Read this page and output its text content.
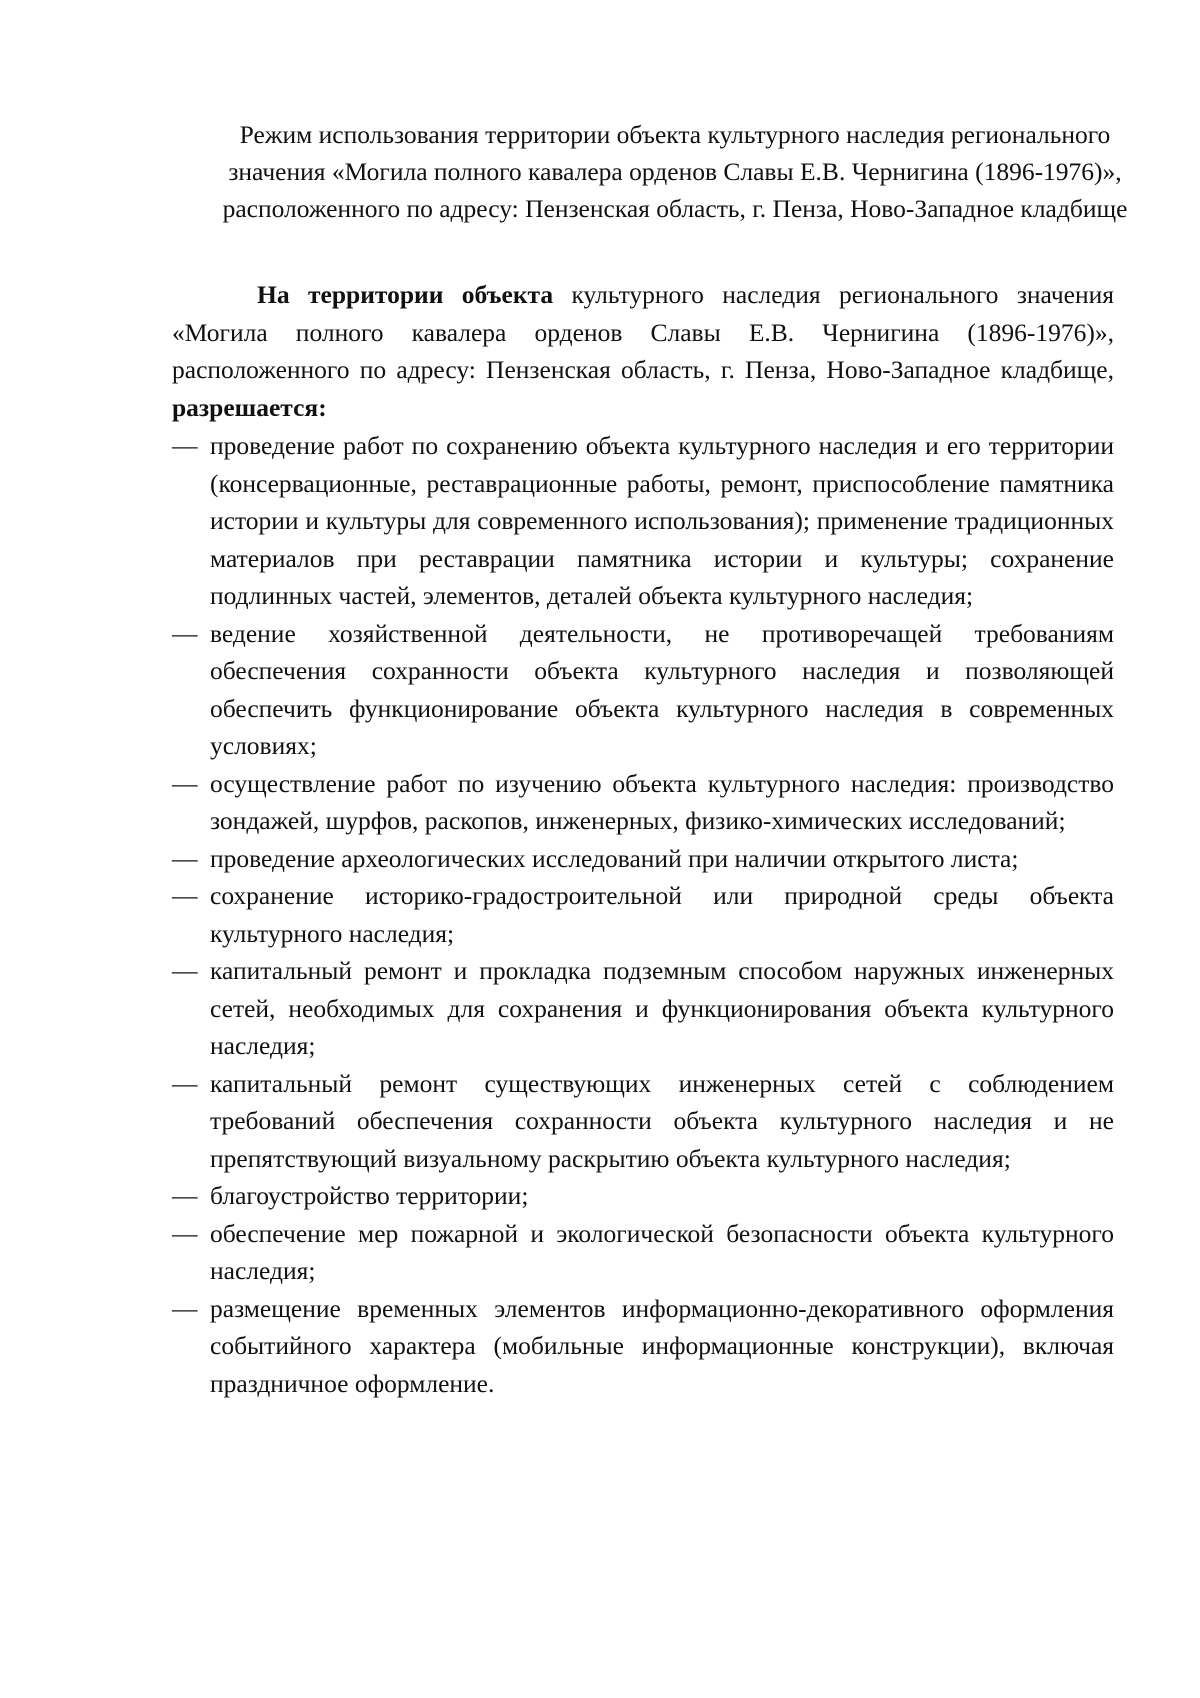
Режим использования территории объекта культурного наследия регионального значения «Могила полного кавалера орденов Славы Е.В. Чернигина (1896-1976)», расположенного по адресу: Пензенская область, г. Пенза, Ново-Западное кладбище

На территории объекта культурного наследия регионального значения «Могила полного кавалера орденов Славы Е.В. Чернигина (1896-1976)», расположенного по адресу: Пензенская область, г. Пенза, Ново-Западное кладбище, разрешается:

— проведение работ по сохранению объекта культурного наследия и его территории (консервационные, реставрационные работы, ремонт, приспособление памятника истории и культуры для современного использования); применение традиционных материалов при реставрации памятника истории и культуры; сохранение подлинных частей, элементов, деталей объекта культурного наследия;
— ведение хозяйственной деятельности, не противоречащей требованиям обеспечения сохранности объекта культурного наследия и позволяющей обеспечить функционирование объекта культурного наследия в современных условиях;
— осуществление работ по изучению объекта культурного наследия: производство зондажей, шурфов, раскопов, инженерных, физико-химических исследований;
— проведение археологических исследований при наличии открытого листа;
— сохранение историко-градостроительной или природной среды объекта культурного наследия;
— капитальный ремонт и прокладка подземным способом наружных инженерных сетей, необходимых для сохранения и функционирования объекта культурного наследия;
— капитальный ремонт существующих инженерных сетей с соблюдением требований обеспечения сохранности объекта культурного наследия и не препятствующий визуальному раскрытию объекта культурного наследия;
— благоустройство территории;
— обеспечение мер пожарной и экологической безопасности объекта культурного наследия;
— размещение временных элементов информационно-декоративного оформления событийного характера (мобильные информационные конструкции), включая праздничное оформление.
